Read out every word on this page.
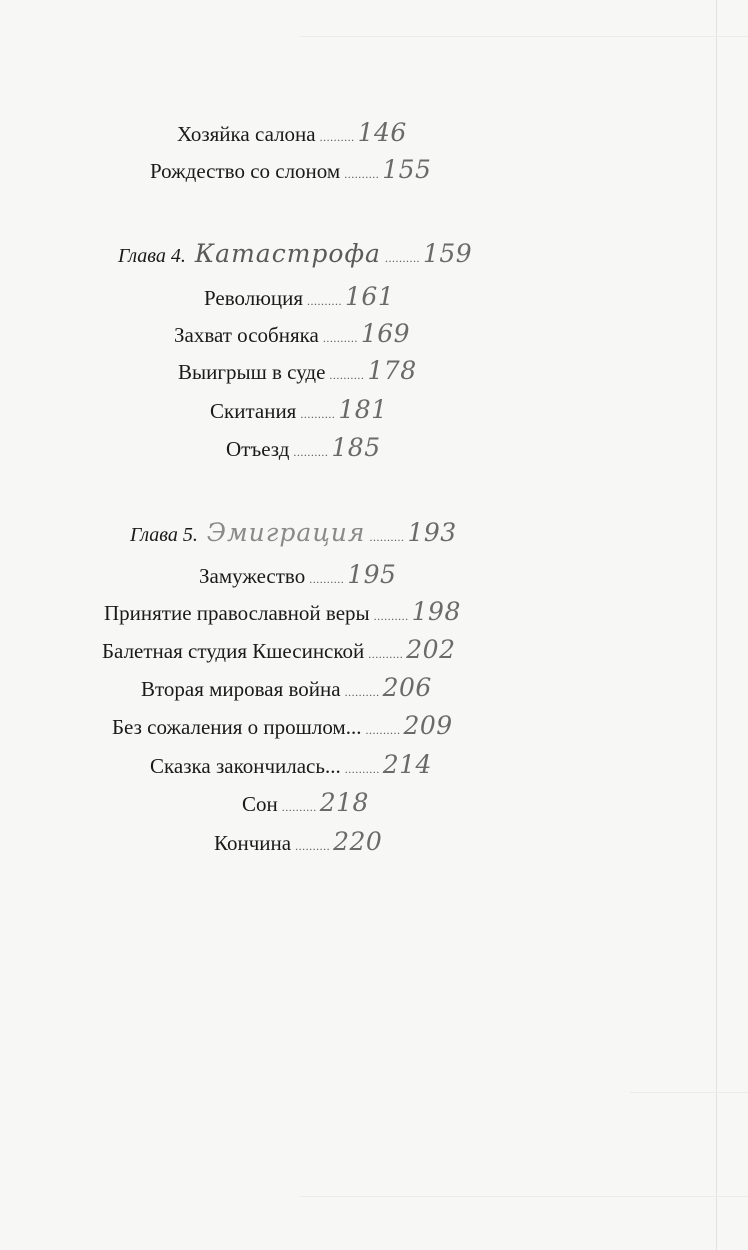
Хозяйка салона .......... 146
Рождество со слоном .......... 155
Глава 4. Катастрофа .......... 159
Революция .......... 161
Захват особняка .......... 169
Выигрыш в суде .......... 178
Скитания .......... 181
Отъезд .......... 185
Глава 5. Эмиграция .......... 193
Замужество .......... 195
Принятие православной веры .......... 198
Балетная студия Кшесинской .......... 202
Вторая мировая война .......... 206
Без сожаления о прошлом... .......... 209
Сказка закончилась... .......... 214
Сон .......... 218
Кончина .......... 220
